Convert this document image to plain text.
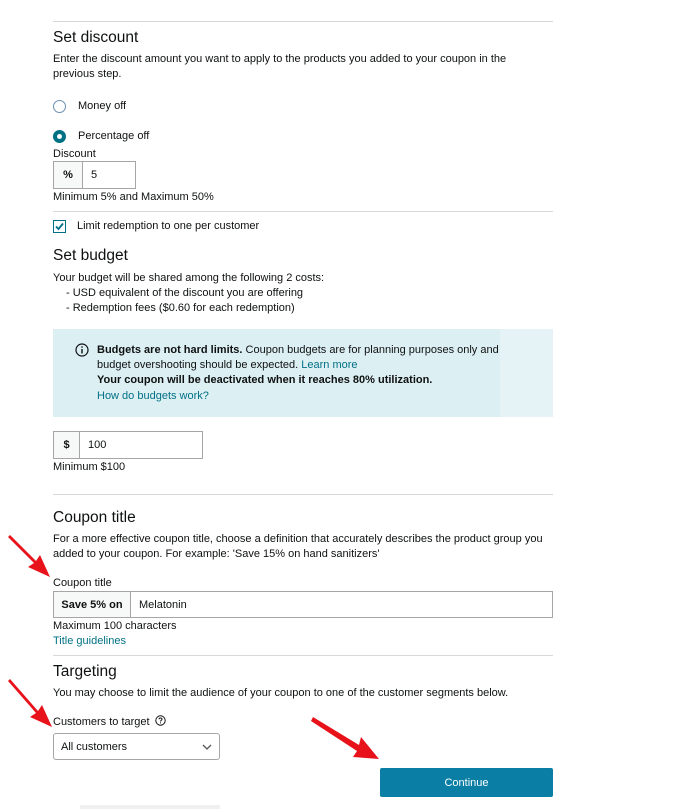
Set discount
Enter the discount amount you want to apply to the products you added to your coupon in the previous step.
Money off
Percentage off
Discount
%	5
Minimum 5% and Maximum 50%
Limit redemption to one per customer
Set budget
Your budget will be shared among the following 2 costs:
- USD equivalent of the discount you are offering
- Redemption fees ($0.60 for each redemption)
Budgets are not hard limits. Coupon budgets are for planning purposes only and
budget overshooting should be expected. Learn more
Your coupon will be deactivated when it reaches 80% utilization.
How do budgets work?
$	100
Minimum $100
Coupon title
For a more effective coupon title, choose a definition that accurately describes the product group you
added to your coupon. For example: 'Save 15% on hand sanitizers'
Coupon title
Save 5% on	Melatonin
Maximum 100 characters
Title guidelines
Targeting
You may choose to limit the audience of your coupon to one of the customer segments below.
Customers to target
All customers
Continue
